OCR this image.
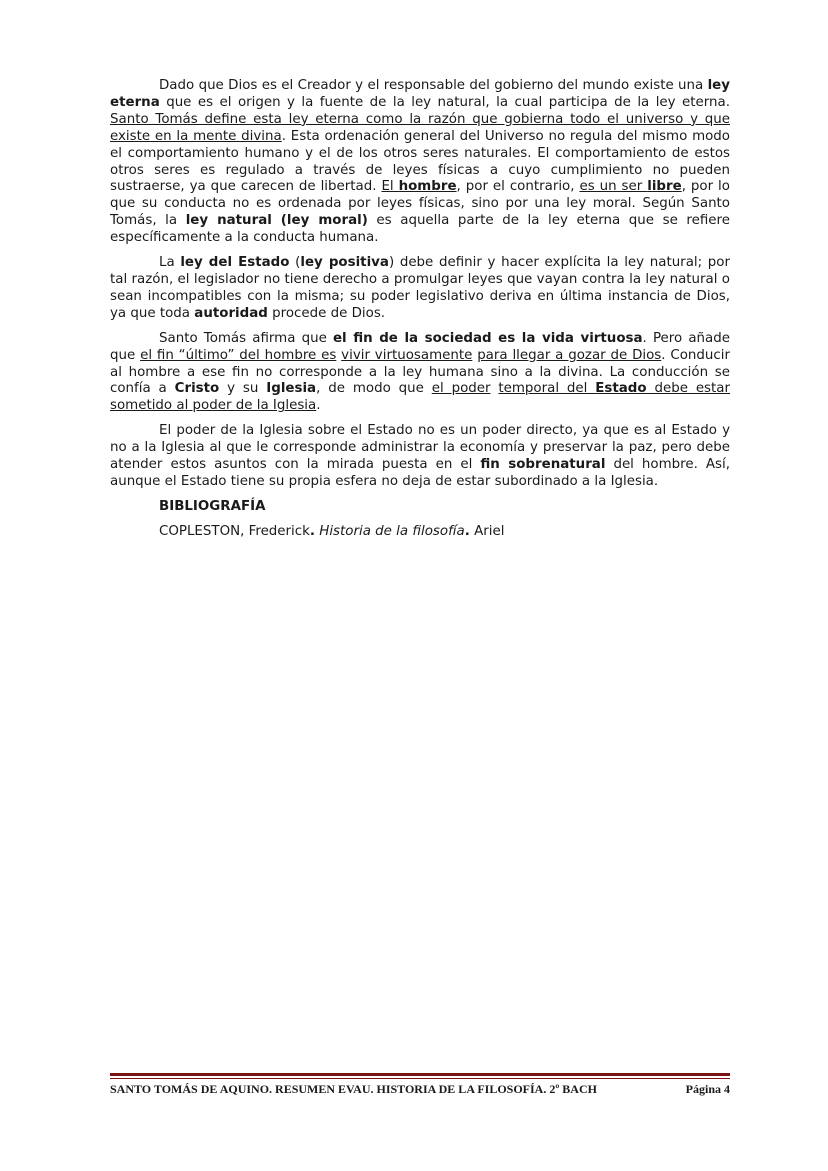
Dado que Dios es el Creador y el responsable del gobierno del mundo existe una ley eterna que es el origen y la fuente de la ley natural, la cual participa de la ley eterna. Santo Tomás define esta ley eterna como la razón que gobierna todo el universo y que existe en la mente divina. Esta ordenación general del Universo no regula del mismo modo el comportamiento humano y el de los otros seres naturales. El comportamiento de estos otros seres es regulado a través de leyes físicas a cuyo cumplimiento no pueden sustraerse, ya que carecen de libertad. El hombre, por el contrario, es un ser libre, por lo que su conducta no es ordenada por leyes físicas, sino por una ley moral. Según Santo Tomás, la ley natural (ley moral) es aquella parte de la ley eterna que se refiere específicamente a la conducta humana.

La ley del Estado (ley positiva) debe definir y hacer explícita la ley natural; por tal razón, el legislador no tiene derecho a promulgar leyes que vayan contra la ley natural o sean incompatibles con la misma; su poder legislativo deriva en última instancia de Dios, ya que toda autoridad procede de Dios.

Santo Tomás afirma que el fin de la sociedad es la vida virtuosa. Pero añade que el fin “último” del hombre es vivir virtuosamente para llegar a gozar de Dios. Conducir al hombre a ese fin no corresponde a la ley humana sino a la divina. La conducción se confía a Cristo y su Iglesia, de modo que el poder temporal del Estado debe estar sometido al poder de la Iglesia.

El poder de la Iglesia sobre el Estado no es un poder directo, ya que es al Estado y no a la Iglesia al que le corresponde administrar la economía y preservar la paz, pero debe atender estos asuntos con la mirada puesta en el fin sobrenatural del hombre. Así, aunque el Estado tiene su propia esfera no deja de estar subordinado a la Iglesia.

BIBLIOGRAFÍA
COPLESTON, Frederick. Historia de la filosofía. Ariel
SANTO TOMÁS DE AQUINO. RESUMEN EVAU. HISTORIA DE LA FILOSOFÍA. 2º BACH	Página 4
